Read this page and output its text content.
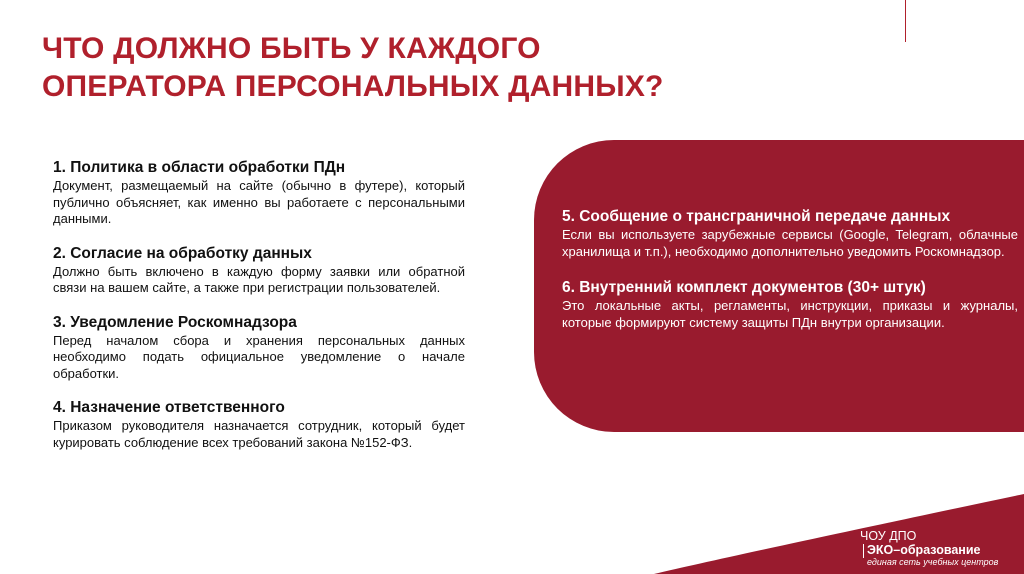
ЧТО ДОЛЖНО БЫТЬ У КАЖДОГО
ОПЕРАТОРА ПЕРСОНАЛЬНЫХ ДАННЫХ?
1. Политика в области обработки ПДн

Документ, размещаемый на сайте (обычно в футере), который публично объясняет, как именно вы работаете с персональными данными.

2. Согласие на обработку данных

Должно быть включено в каждую форму заявки или обратной связи на вашем сайте, а также при регистрации пользователей.

3. Уведомление Роскомнадзора

Перед началом сбора и хранения персональных данных необходимо подать официальное уведомление о начале обработки.

4. Назначение ответственного

Приказом руководителя назначается сотрудник, который будет курировать соблюдение всех требований закона №152-ФЗ.

5. Сообщение о трансграничной передаче данных

Если вы используете зарубежные сервисы (Google, Telegram, облачные хранилища и т.п.), необходимо дополнительно уведомить Роскомнадзор.

6. Внутренний комплект документов (30+ штук)

Это локальные акты, регламенты, инструкции, приказы и журналы, которые формируют систему защиты ПДн внутри организации.

ЧОУ ДПО
ЭКО–образование
единая сеть учебных центров
